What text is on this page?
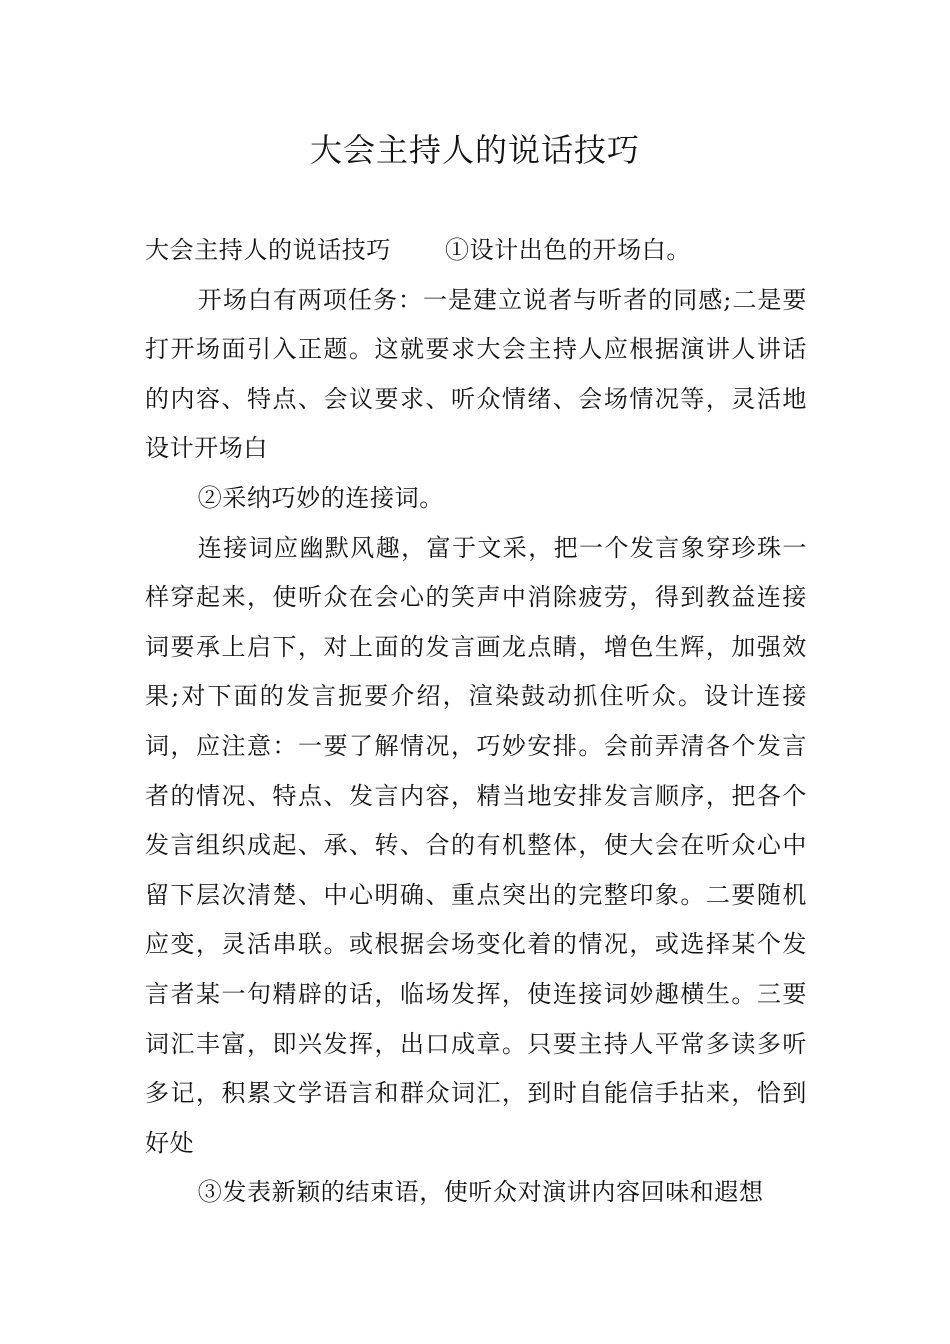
大会主持人的说话技巧

大会主持人的说话技巧 ①设计出色的开场白。

开场白有两项任务：一是建立说者与听者的同感;二是要打开场面引入正题。这就要求大会主持人应根据演讲人讲话的内容、特点、会议要求、听众情绪、会场情况等，灵活地设计开场白

②采纳巧妙的连接词。

连接词应幽默风趣，富于文采，把一个发言象穿珍珠一样穿起来，使听众在会心的笑声中消除疲劳，得到教益连接词要承上启下，对上面的发言画龙点睛，增色生辉，加强效果;对下面的发言扼要介绍，渲染鼓动抓住听众。设计连接词，应注意：一要了解情况，巧妙安排。会前弄清各个发言者的情况、特点、发言内容，精当地安排发言顺序，把各个发言组织成起、承、转、合的有机整体，使大会在听众心中留下层次清楚、中心明确、重点突出的完整印象。二要随机应变，灵活串联。或根据会场变化着的情况，或选择某个发言者某一句精辟的话，临场发挥，使连接词妙趣横生。三要词汇丰富，即兴发挥，出口成章。只要主持人平常多读多听多记，积累文学语言和群众词汇，到时自能信手拈来，恰到好处

③发表新颖的结束语，使听众对演讲内容回味和遐想
